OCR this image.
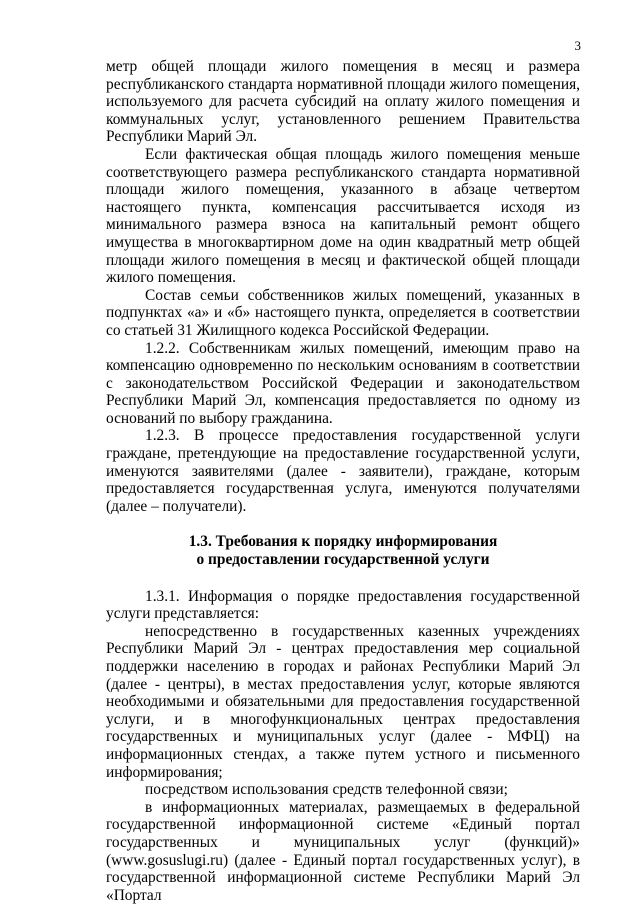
3

метр общей площади жилого помещения в месяц и размера республиканского стандарта нормативной площади жилого помещения, используемого для расчета субсидий на оплату жилого помещения и коммунальных услуг, установленного решением Правительства Республики Марий Эл.

Если фактическая общая площадь жилого помещения меньше соответствующего размера республиканского стандарта нормативной площади жилого помещения, указанного в абзаце четвертом настоящего пункта, компенсация рассчитывается исходя из минимального размера взноса на капитальный ремонт общего имущества в многоквартирном доме на один квадратный метр общей площади жилого помещения в месяц и фактической общей площади жилого помещения.

Состав семьи собственников жилых помещений, указанных в подпунктах «а» и «б» настоящего пункта, определяется в соответствии со статьей 31 Жилищного кодекса Российской Федерации.

1.2.2. Собственникам жилых помещений, имеющим право на компенсацию одновременно по нескольким основаниям в соответствии с законодательством Российской Федерации и законодательством Республики Марий Эл, компенсация предоставляется по одному из оснований по выбору гражданина.

1.2.3. В процессе предоставления государственной услуги граждане, претендующие на предоставление государственной услуги, именуются заявителями (далее - заявители), граждане, которым предоставляется государственная услуга, именуются получателями (далее – получатели).

1.3. Требования к порядку информирования
о предоставлении государственной услуги

1.3.1. Информация о порядке предоставления государственной услуги представляется:

непосредственно в государственных казенных учреждениях Республики Марий Эл - центрах предоставления мер социальной поддержки населению в городах и районах Республики Марий Эл (далее - центры), в местах предоставления услуг, которые являются необходимыми и обязательными для предоставления государственной услуги, и в многофункциональных центрах предоставления государственных и муниципальных услуг (далее - МФЦ) на информационных стендах, а также путем устного и письменного информирования;

посредством использования средств телефонной связи;

в информационных материалах, размещаемых в федеральной государственной информационной системе «Единый портал государственных и муниципальных услуг (функций)» (www.gosuslugi.ru) (далее - Единый портал государственных услуг), в государственной информационной системе Республики Марий Эл «Портал
